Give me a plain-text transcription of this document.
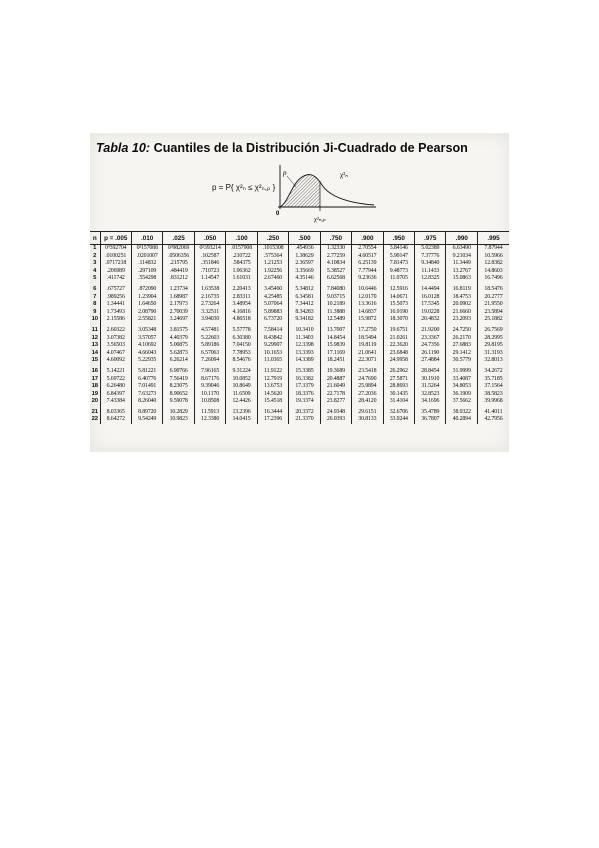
Tabla 10: Cuantiles de la Distribución Ji-Cuadrado de Pearson
p = P{ χ²ₙ ≤ χ²ₙ,ₚ }
p	χ²ₙ
0
χ²ₙ,ₚ
n	p = .005	.010	.025	.050	.100	.250	.500	.750	.900	.950	.975	.990	.995
1	0⁴392704	0³157088	0³982069	0²393214	.0157908	.1015308	.454936	1.32330	2.70554	3.84146	5.02389	6.63490	7.87944
2	.0100251	.0201007	.0506356	.102587	.210722	.575364	1.38629	2.77259	4.60517	5.99147	7.37776	9.21034	10.5966
3	.0717218	.114832	.215795	.351846	.584375	1.21253	2.36597	4.10834	6.25139	7.81473	9.34840	11.3449	12.8382
4	.206989	.297109	.484419	.710723	1.06362	1.92256	3.35669	5.38527	7.77944	9.48773	11.1433	13.2767	14.8603
5	.411742	.554298	.831212	1.14547	1.61031	2.67460	4.35146	6.62568	9.23636	11.0705	12.8325	15.0863	16.7496
6	.675727	.872090	1.23734	1.63538	2.20413	3.45460	5.34812	7.84080	10.6446	12.5916	14.4494	16.8119	18.5476
7	.989256	1.23904	1.68987	2.16735	2.83311	4.25485	6.34581	9.03715	12.0170	14.0671	16.0128	18.4753	20.2777
8	1.34441	1.64650	2.17973	2.73264	3.48954	5.07064	7.34412	10.2189	13.3616	15.5073	17.5345	20.0902	21.9550
9	1.73493	2.08790	2.70039	3.32511	4.16816	5.89883	8.34283	11.3888	14.6837	16.9190	19.0228	21.6660	23.5894
10	2.15586	2.55821	3.24697	3.94030	4.86518	6.73720	9.34182	12.5489	15.9872	18.3070	20.4832	23.2093	25.1882
11	2.60322	3.05348	3.81575	4.57481	5.57778	7.58414	10.3410	13.7007	17.2750	19.6751	21.9200	24.7250	26.7569
12	3.07382	3.57057	4.40379	5.22603	6.30380	8.43842	11.3403	14.8454	18.5494	21.0261	23.3367	26.2170	28.2995
13	3.56503	4.10692	5.00875	5.89186	7.04150	9.29907	12.3398	15.9839	19.8119	22.3620	24.7356	27.6883	29.8195
14	4.07467	4.66043	5.62873	6.57063	7.78953	10.1653	13.3393	17.1169	21.0641	23.6848	26.1190	29.1412	31.3193
15	4.60092	5.22935	6.26214	7.26094	8.54676	11.0365	14.3389	18.2451	22.3071	24.9958	27.4884	30.5779	32.8013
16	5.14221	5.81221	6.90766	7.96165	9.31224	11.9122	15.3385	19.3689	23.5418	26.2962	28.8454	31.9999	34.2672
17	5.69722	6.40776	7.56419	8.67176	10.0852	12.7919	16.3382	20.4887	24.7690	27.5871	30.1910	33.4087	35.7185
18	6.26480	7.01491	8.23075	9.39046	10.8649	13.6753	17.3379	21.6049	25.9894	28.8693	31.5264	34.8053	37.1564
19	6.84397	7.63273	8.90652	10.1170	11.6509	14.5620	18.3376	22.7178	27.2036	30.1435	32.8523	36.1909	38.5823
20	7.43384	8.26040	9.59078	10.8508	12.4426	15.4518	19.3374	23.8277	28.4120	31.4104	34.1696	37.5662	39.9968
21	8.03365	8.89720	10.2829	11.5913	13.2396	16.3444	20.3372	24.9348	29.6151	32.6706	35.4789	38.9322	41.4011
22	8.64272	9.54249	10.9823	12.3380	14.0415	17.2396	21.3370	26.0393	30.8133	33.9244	36.7807	40.2894	42.7956
